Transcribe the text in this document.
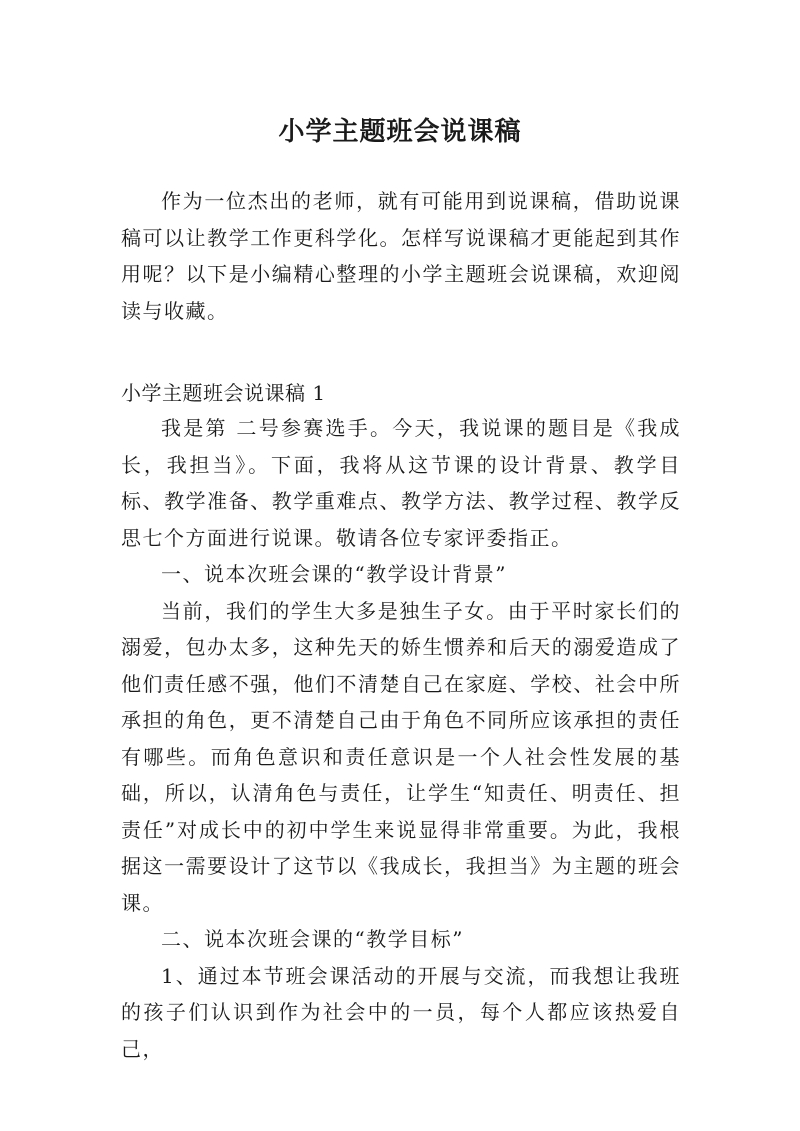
小学主题班会说课稿

作为一位杰出的老师，就有可能用到说课稿，借助说课稿可以让教学工作更科学化。怎样写说课稿才更能起到其作用呢？以下是小编精心整理的小学主题班会说课稿，欢迎阅读与收藏。

小学主题班会说课稿 1

我是第 二号参赛选手。今天，我说课的题目是《我成长，我担当》。下面，我将从这节课的设计背景、教学目标、教学准备、教学重难点、教学方法、教学过程、教学反思七个方面进行说课。敬请各位专家评委指正。

一、说本次班会课的“教学设计背景”

当前，我们的学生大多是独生子女。由于平时家长们的溺爱，包办太多，这种先天的娇生惯养和后天的溺爱造成了他们责任感不强，他们不清楚自己在家庭、学校、社会中所承担的角色，更不清楚自己由于角色不同所应该承担的责任有哪些。而角色意识和责任意识是一个人社会性发展的基础，所以，认清角色与责任，让学生“知责任、明责任、担责任”对成长中的初中学生来说显得非常重要。为此，我根据这一需要设计了这节以《我成长，我担当》为主题的班会课。

二、说本次班会课的“教学目标”

1、通过本节班会课活动的开展与交流，而我想让我班的孩子们认识到作为社会中的一员，每个人都应该热爱自己，
